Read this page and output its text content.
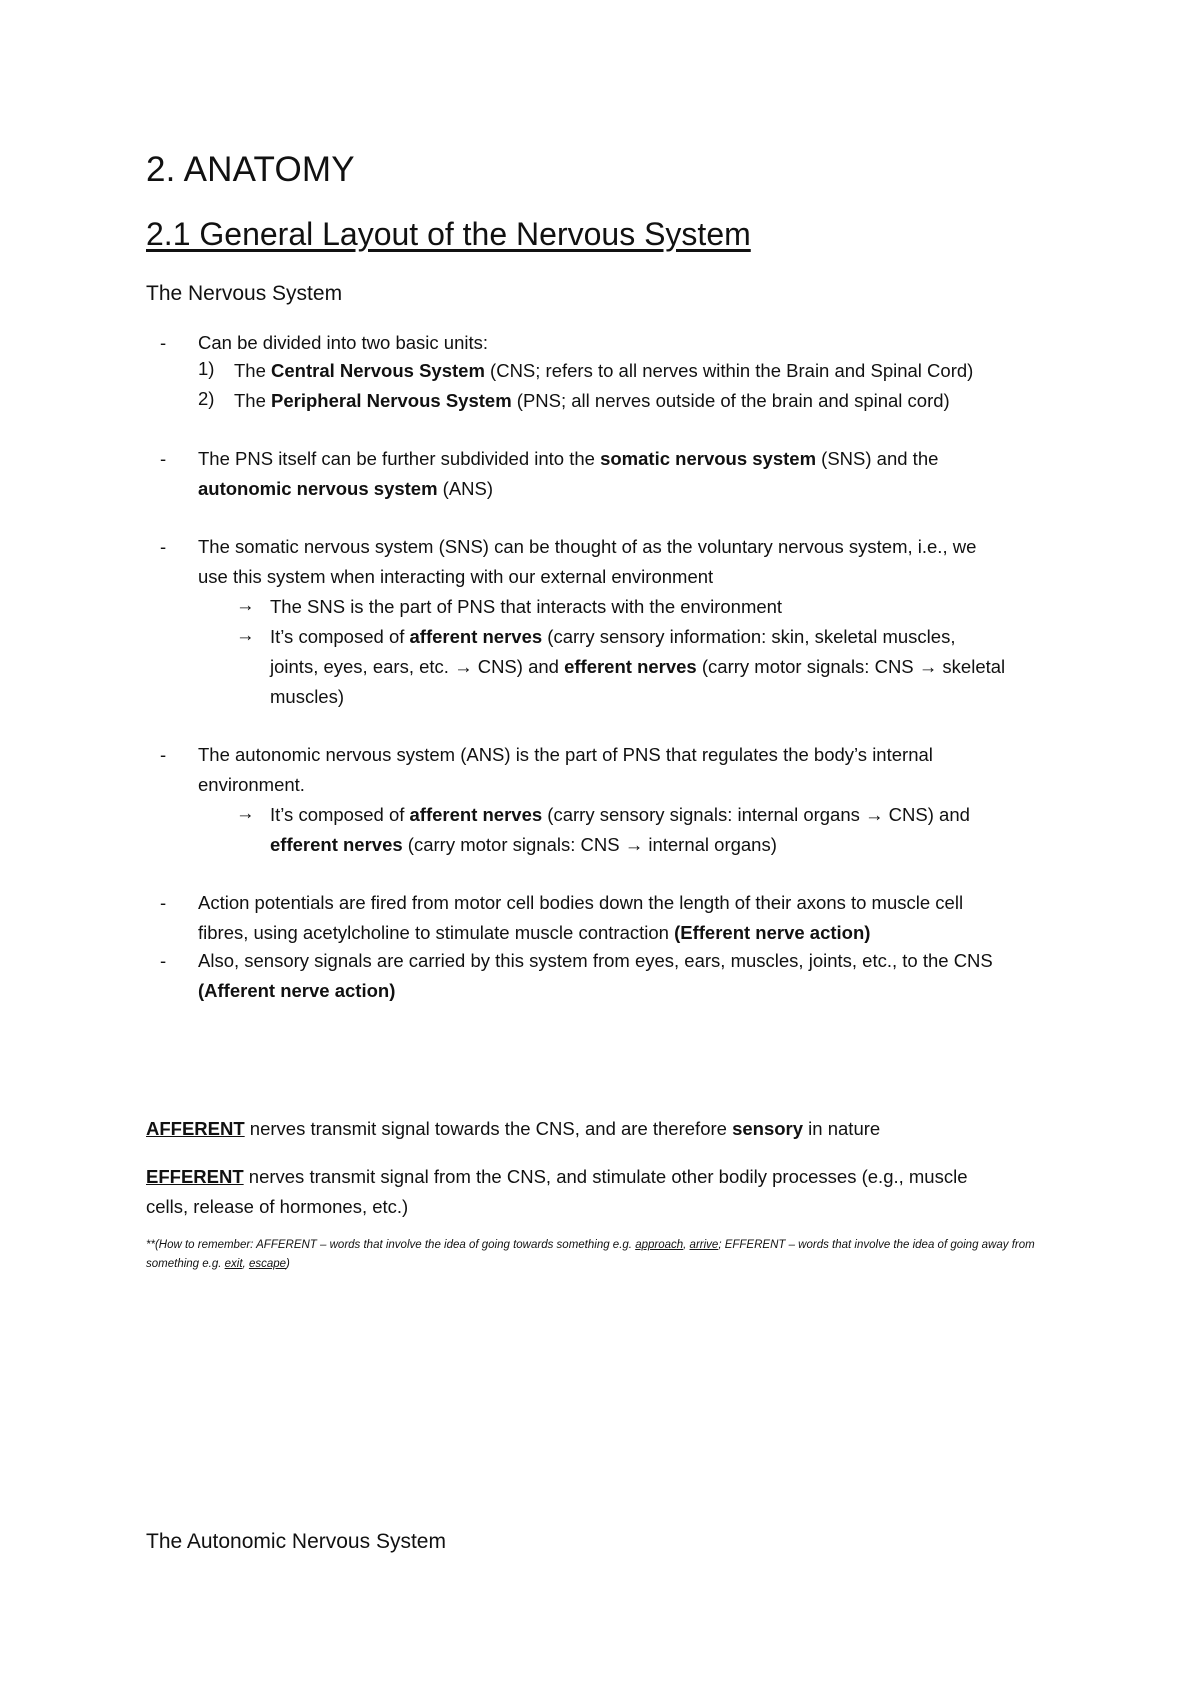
2. ANATOMY
2.1 General Layout of the Nervous System
The Nervous System
- Can be divided into two basic units:
1) The Central Nervous System (CNS; refers to all nerves within the Brain and Spinal Cord)
2) The Peripheral Nervous System (PNS; all nerves outside of the brain and spinal cord)
- The PNS itself can be further subdivided into the somatic nervous system (SNS) and the
autonomic nervous system (ANS)
- The somatic nervous system (SNS) can be thought of as the voluntary nervous system, i.e., we
use this system when interacting with our external environment
→ The SNS is the part of PNS that interacts with the environment
→ It’s composed of afferent nerves (carry sensory information: skin, skeletal muscles,
joints, eyes, ears, etc. → CNS) and efferent nerves (carry motor signals: CNS → skeletal
muscles)
- The autonomic nervous system (ANS) is the part of PNS that regulates the body’s internal
environment.
→ It’s composed of afferent nerves (carry sensory signals: internal organs → CNS) and
efferent nerves (carry motor signals: CNS → internal organs)
- Action potentials are fired from motor cell bodies down the length of their axons to muscle cell
fibres, using acetylcholine to stimulate muscle contraction (Efferent nerve action)
- Also, sensory signals are carried by this system from eyes, ears, muscles, joints, etc., to the CNS
(Afferent nerve action)
AFFERENT nerves transmit signal towards the CNS, and are therefore sensory in nature
EFFERENT nerves transmit signal from the CNS, and stimulate other bodily processes (e.g., muscle
cells, release of hormones, etc.)
**(How to remember: AFFERENT – words that involve the idea of going towards something e.g. approach, arrive; EFFERENT – words that involve the idea of going away from something e.g. exit, escape)
The Autonomic Nervous System
